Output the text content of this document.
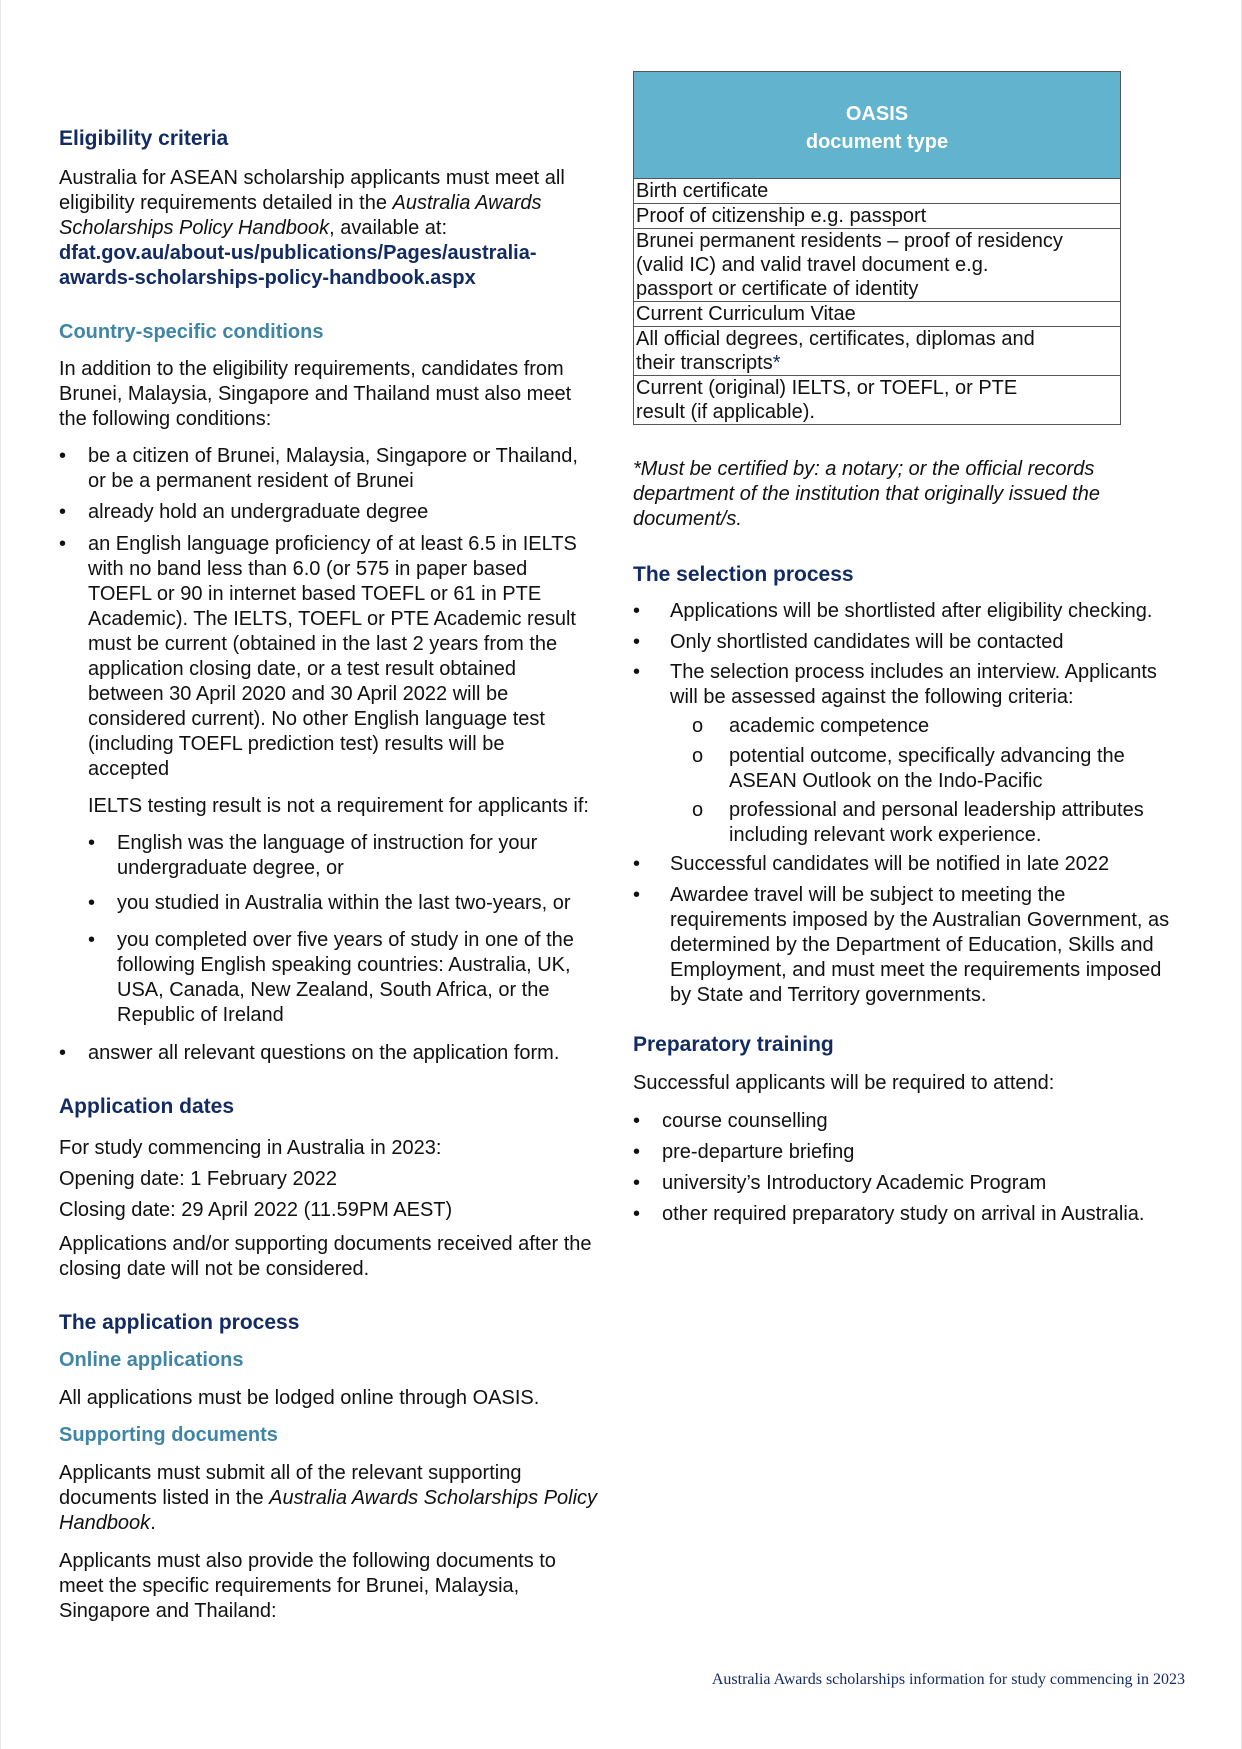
Eligibility criteria
Australia for ASEAN scholarship applicants must meet all
eligibility requirements detailed in the Australia Awards
Scholarships Policy Handbook, available at:
dfat.gov.au/about-us/publications/Pages/australia-
awards-scholarships-policy-handbook.aspx
Country-specific conditions
In addition to the eligibility requirements, candidates from
Brunei, Malaysia, Singapore and Thailand must also meet
the following conditions:
• be a citizen of Brunei, Malaysia, Singapore or Thailand,
or be a permanent resident of Brunei
• already hold an undergraduate degree
• an English language proficiency of at least 6.5 in IELTS
with no band less than 6.0 (or 575 in paper based
TOEFL or 90 in internet based TOEFL or 61 in PTE
Academic). The IELTS, TOEFL or PTE Academic result
must be current (obtained in the last 2 years from the
application closing date, or a test result obtained
between 30 April 2020 and 30 April 2022 will be
considered current). No other English language test
(including TOEFL prediction test) results will be
accepted
IELTS testing result is not a requirement for applicants if:
• English was the language of instruction for your
undergraduate degree, or
• you studied in Australia within the last two-years, or
• you completed over five years of study in one of the
following English speaking countries: Australia, UK,
USA, Canada, New Zealand, South Africa, or the
Republic of Ireland
• answer all relevant questions on the application form.
Application dates
For study commencing in Australia in 2023:
Opening date: 1 February 2022
Closing date: 29 April 2022 (11.59PM AEST)
Applications and/or supporting documents received after the
closing date will not be considered.
The application process
Online applications
All applications must be lodged online through OASIS.
Supporting documents
Applicants must submit all of the relevant supporting
documents listed in the Australia Awards Scholarships Policy
Handbook.
Applicants must also provide the following documents to
meet the specific requirements for Brunei, Malaysia,
Singapore and Thailand:
OASIS
document type
Birth certificate
Proof of citizenship e.g. passport
Brunei permanent residents – proof of residency
(valid IC) and valid travel document e.g.
passport or certificate of identity
Current Curriculum Vitae
All official degrees, certificates, diplomas and
their transcripts*
Current (original) IELTS, or TOEFL, or PTE
result (if applicable).
*Must be certified by: a notary; or the official records
department of the institution that originally issued the
document/s.
The selection process
• Applications will be shortlisted after eligibility checking.
• Only shortlisted candidates will be contacted
• The selection process includes an interview. Applicants
will be assessed against the following criteria:
o academic competence
o potential outcome, specifically advancing the
ASEAN Outlook on the Indo-Pacific
o professional and personal leadership attributes
including relevant work experience.
• Successful candidates will be notified in late 2022
• Awardee travel will be subject to meeting the
requirements imposed by the Australian Government, as
determined by the Department of Education, Skills and
Employment, and must meet the requirements imposed
by State and Territory governments.
Preparatory training
Successful applicants will be required to attend:
• course counselling
• pre-departure briefing
• university’s Introductory Academic Program
• other required preparatory study on arrival in Australia.
Australia Awards scholarships information for study commencing in 2023
